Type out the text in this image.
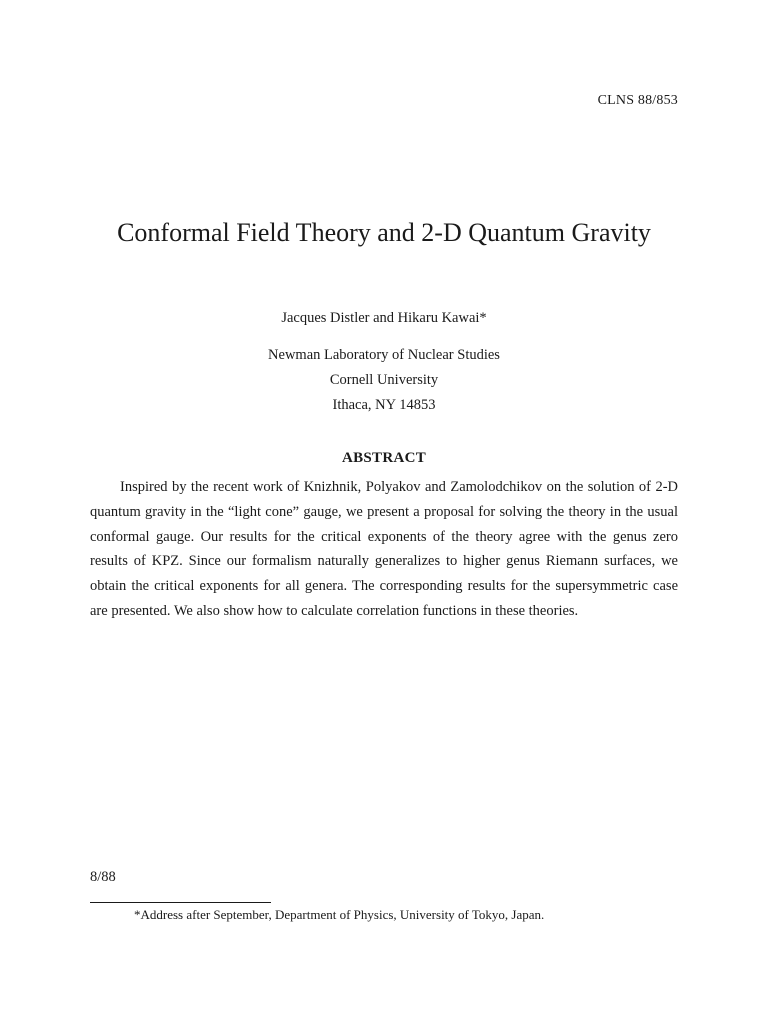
CLNS 88/853
Conformal Field Theory and 2-D Quantum Gravity
Jacques Distler and Hikaru Kawai*
Newman Laboratory of Nuclear Studies
Cornell University
Ithaca, NY 14853
ABSTRACT

Inspired by the recent work of Knizhnik, Polyakov and Zamolodchikov on the solution of 2-D quantum gravity in the “light cone” gauge, we present a proposal for solving the theory in the usual conformal gauge. Our results for the critical exponents of the theory agree with the genus zero results of KPZ. Since our formalism naturally generalizes to higher genus Riemann surfaces, we obtain the critical exponents for all genera. The corresponding results for the supersymmetric case are presented. We also show how to calculate correlation functions in these theories.

8/88
*Address after September, Department of Physics, University of Tokyo, Japan.
